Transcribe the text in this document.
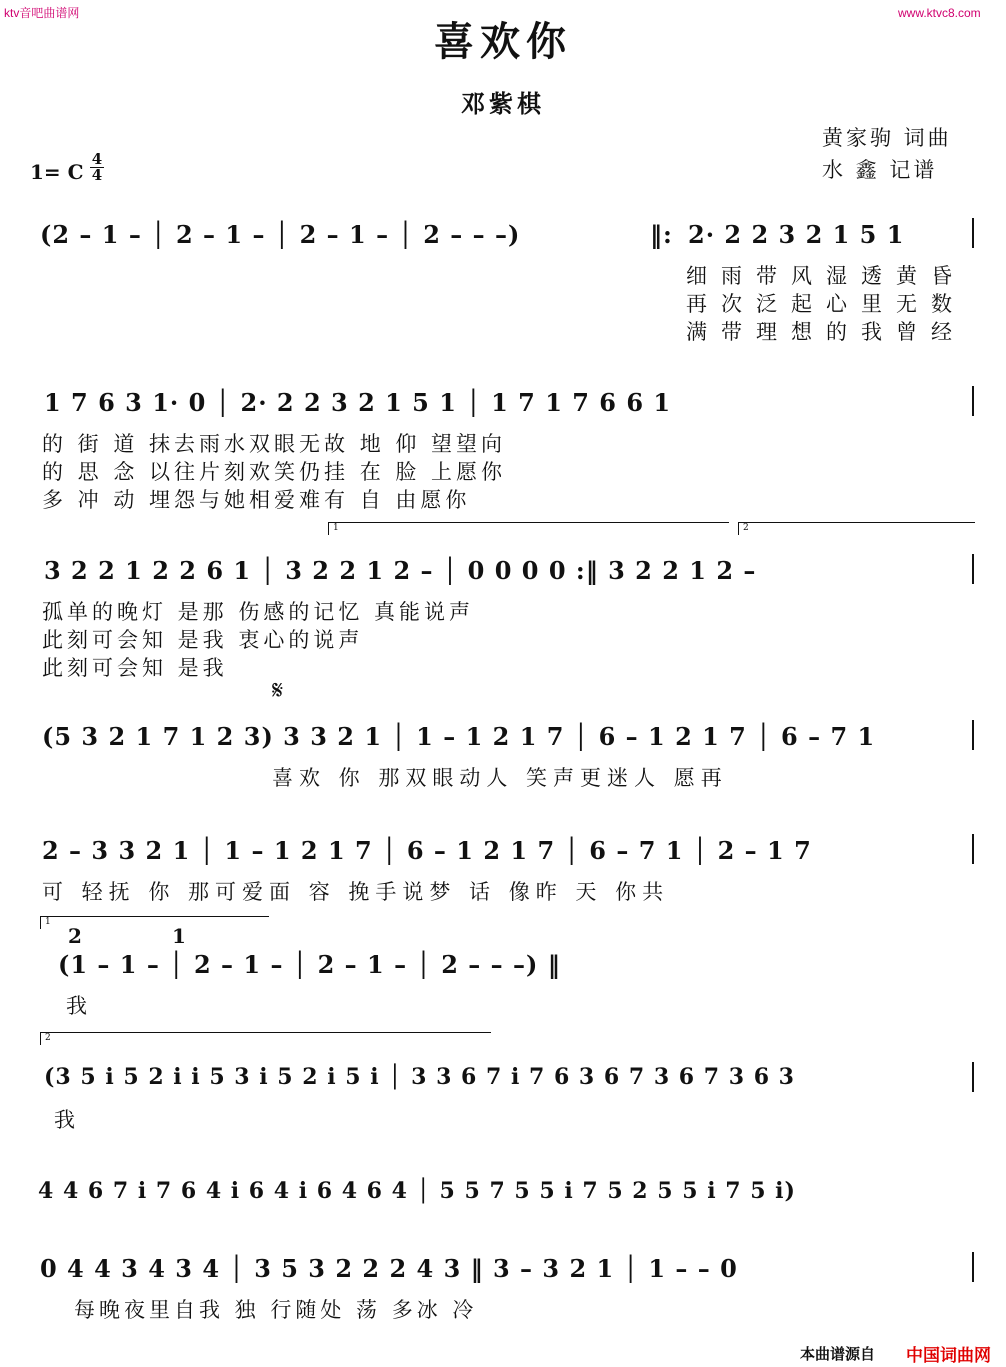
ktv音吧曲谱网	www.ktvc8.com
喜欢你
邓紫棋
黄家驹 词曲
水 鑫 记谱
1= C $\frac{4}{4}$
(2 – 1 – │ 2 – 1 – │ 2 – 1 – │ 2 – – –)	‖: 2· 2 2 3 2 1 5 1
细雨带风湿透黄昏
再次泛起心里无数
满带理想的我曾经
1 7 6 3 1· 0 │ 2· 2 2 3 2 1 5 1 │ 1 7 1 7 6 6 1
的 街 道 抹去雨水双眼无故 地 仰 望望向
的 思 念 以往片刻欢笑仍挂 在 脸 上愿你
多 冲 动 埋怨与她相爱难有 自 由愿你
1	2
3 2 2 1 2 2 6 1 │ 3 2 2 1 2 – │ 0 0 0 0 :‖ 3 2 2 1 2 –
孤单的晚灯 是那 伤感的记忆 真能说声
此刻可会知 是我 衷心的说声
此刻可会知 是我
𝄋
(5 3 2 1 7 1 2 3) 3 3 2 1 │ 1 – 1 2 1 7 │ 6 – 1 2 1 7 │ 6 – 7 1
喜欢 你 那双眼动人 笑声更迷人 愿再
2 – 3 3 2 1 │ 1 – 1 2 1 7 │ 6 – 1 2 1 7 │ 6 – 7 1 │ 2 – 1 7
可 轻抚 你 那可爱面 容 挽手说梦 话 像昨 天 你共
1
2	1
(1 – 1 – │ 2 – 1 – │ 2 – 1 – │ 2 – – –) ‖
我
2
(3 5 i 5 2 i i 5 3 i 5 2 i 5 i │ 3 3 6 7 i 7 6 3 6 7 3 6 7 3 6 3
我
4 4 6 7 i 7 6 4 i 6 4 i 6 4 6 4 │ 5 5 7 5 5 i 7 5 2 5 5 i 7 5 i)
0 4 4 3 4 3 4 │ 3 5 3 2 2 2 4 3 ‖ 3 – 3 2 1 │ 1 – – 0
每晚夜里自我 独 行随处 荡 多冰 冷
本曲谱源自 中国词曲网
